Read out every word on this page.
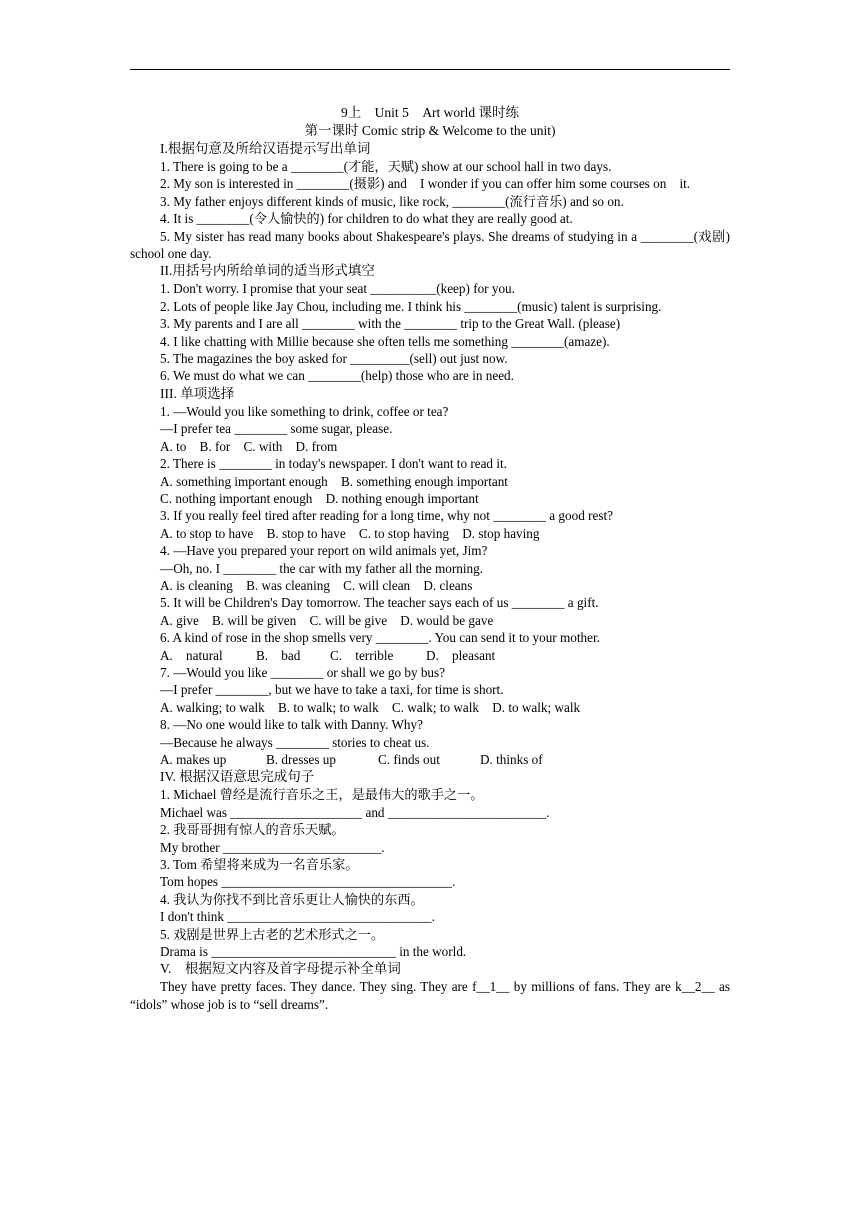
9上　Unit 5　Art world 课时练
第一课时 Comic strip & Welcome to the unit)
I.根据句意及所给汉语提示写出单词
1. There is going to be a ________(才能，天赋) show at our school hall in two days.
2. My son is interested in ________(摄影) and　I wonder if you can offer him some courses on　it.
3. My father enjoys different kinds of music, like rock, ________(流行音乐) and so on.
4. It is ________(令人愉快的) for children to do what they are really good at.
5. My sister has read many books about Shakespeare's plays. She dreams of studying in a ________(戏剧) school one day.
II.用括号内所给单词的适当形式填空
1. Don't worry. I promise that your seat __________(keep) for you.
2. Lots of people like Jay Chou, including me. I think his ________(music) talent is surprising.
3. My parents and I are all ________ with the ________ trip to the Great Wall. (please)
4. I like chatting with Millie because she often tells me something ________(amaze).
5. The magazines the boy asked for _________(sell) out just now.
6. We must do what we can ________(help) those who are in need.
III. 单项选择
1. —Would you like something to drink, coffee or tea?
—I prefer tea ________ some sugar, please.
A. to　B. for　C. with　D. from
2. There is ________ in today's newspaper. I don't want to read it.
A. something important enough　B. something enough important
C. nothing important enough　D. nothing enough important
3. If you really feel tired after reading for a long time, why not ________ a good rest?
A. to stop to have　B. stop to have　C. to stop having　D. stop having
4. —Have you prepared your report on wild animals yet, Jim?
—Oh, no. I ________ the car with my father all the morning.
A. is cleaning　B. was cleaning　C. will clean　D. cleans
5. It will be Children's Day tomorrow. The teacher says each of us ________ a gift.
A. give　B. will be given　C. will be give　D. would be gave
6. A kind of rose in the shop smells very ________. You can send it to your mother.
A.　natural	B.　bad C.　terrible D.　pleasant
7. —Would you like ________ or shall we go by bus?
—I prefer ________, but we have to take a taxi, for time is short.
A. walking; to walk　B. to walk; to walk　C. walk; to walk　D. to walk; walk
8. —No one would like to talk with Danny. Why?
—Because he always ________ stories to cheat us.
A. makes up	B. dresses up	C. finds out	D. thinks of
IV. 根据汉语意思完成句子
1. Michael 曾经是流行音乐之王，是最伟大的歌手之一。
Michael was ____________________ and ________________________.
2. 我哥哥拥有惊人的音乐天赋。
My brother ________________________.
3. Tom 希望将来成为一名音乐家。
Tom hopes ___________________________________.
4. 我认为你找不到比音乐更让人愉快的东西。
I don't think _______________________________.
5. 戏剧是世界上古老的艺术形式之一。
Drama is ____________________________ in the world.
V.　根据短文内容及首字母提示补全单词
They have pretty faces. They dance. They sing. They are f__1__ by millions of fans. They are k__2__ as “idols” whose job is to “sell dreams”.
